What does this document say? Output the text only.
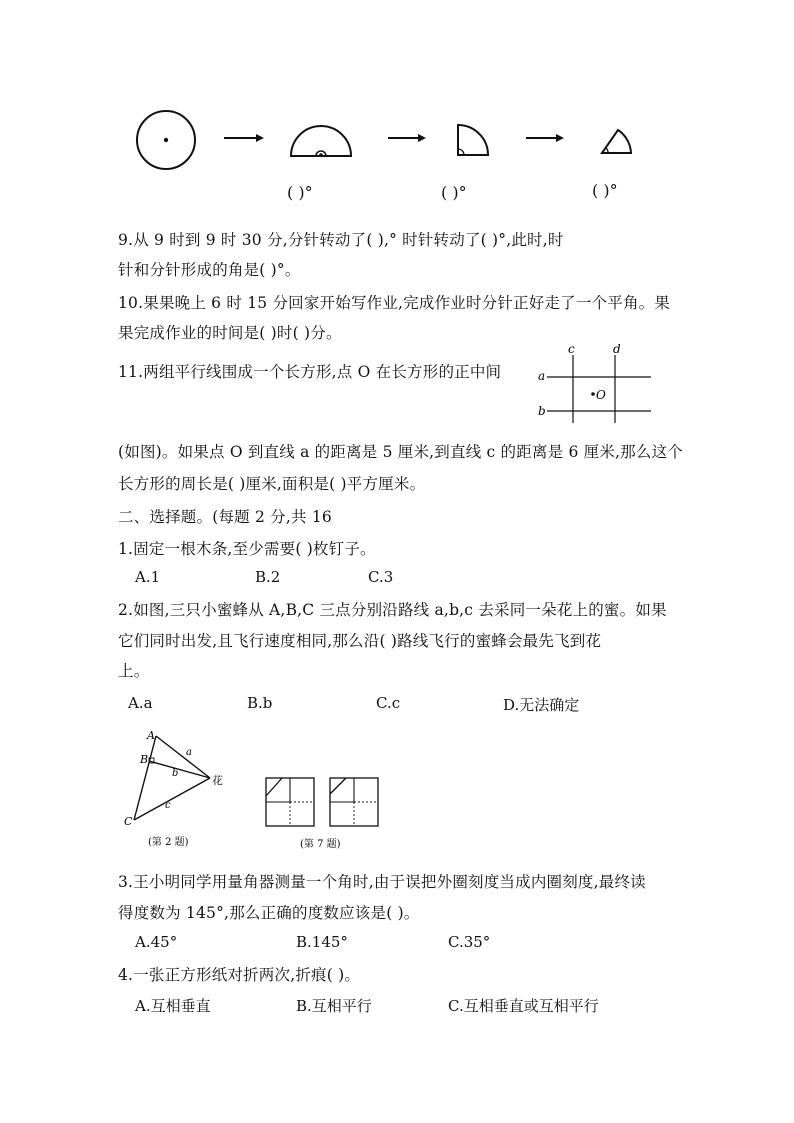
( )°	( )°	( )°
9.从 9 时到 9 时 30 分,分针转动了( ),° 时针转动了( )°,此时,时
针和分针形成的角是( )°。
10.果果晚上 6 时 15 分回家开始写作业,完成作业时分针正好走了一个平角。果
果完成作业的时间是( )时( )分。
11.两组平行线围成一个长方形,点 O 在长方形的正中间
O
a
b
c	d
(如图)。如果点 O 到直线 a 的距离是 5 厘米,到直线 c 的距离是 6 厘米,那么这个
长方形的周长是( )厘米,面积是( )平方厘米。
二、选择题。(每题 2 分,共 16
1.固定一根木条,至少需要( )枚钉子。
A.1	B.2	C.3
2.如图,三只小蜜蜂从 A,B,C 三点分别沿路线 a,b,c 去采同一朵花上的蜜。如果
它们同时出发,且飞行速度相同,那么沿( )路线飞行的蜜蜂会最先飞到花
上。
A.a	B.b	C.c	D.无法确定
A
B
C
a
b
c
花
(第 2 题)	(第 7 题)
3.王小明同学用量角器测量一个角时,由于误把外圈刻度当成内圈刻度,最终读
得度数为 145°,那么正确的度数应该是( )。
A.45°	B.145°	C.35°
4.一张正方形纸对折两次,折痕( )。
A.互相垂直	B.互相平行	C.互相垂直或互相平行
